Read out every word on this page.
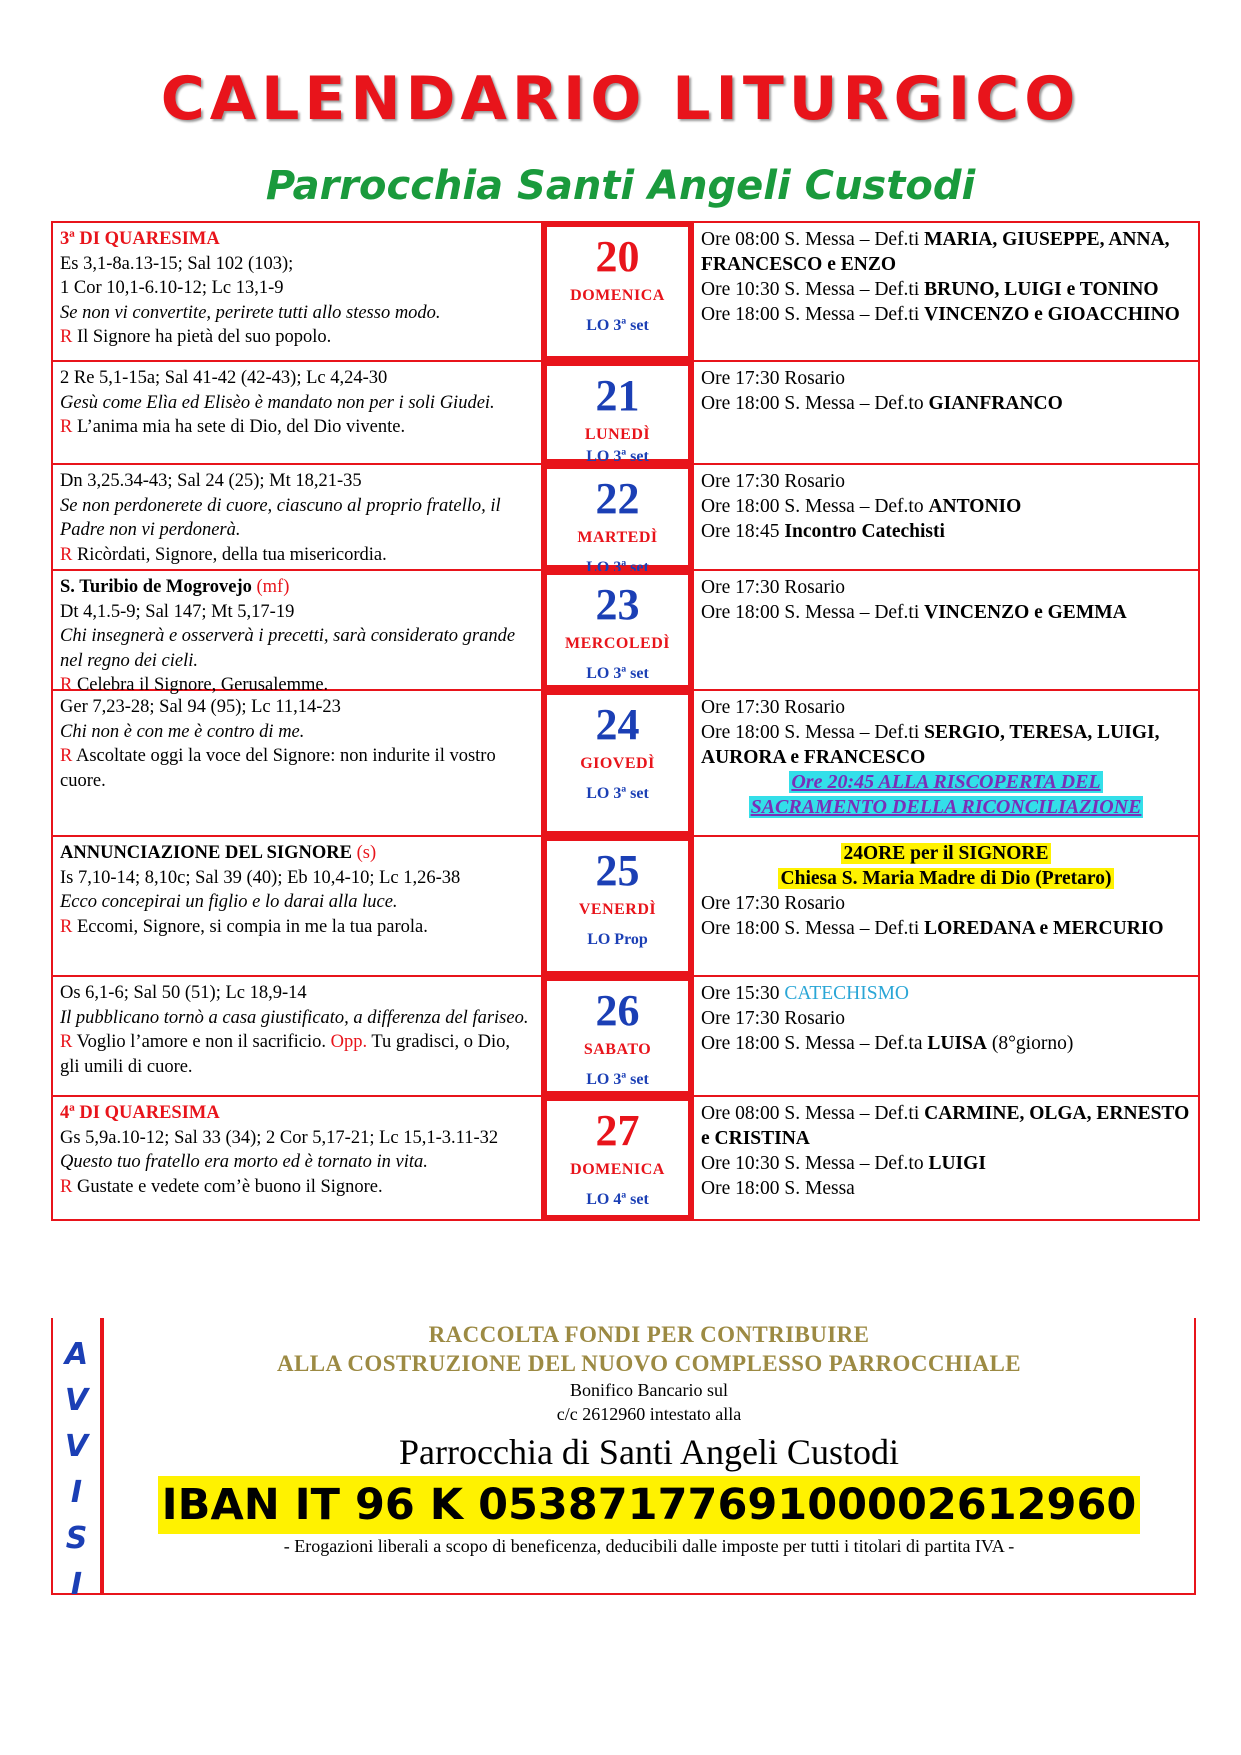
CALENDARIO LITURGICO
Parrocchia Santi Angeli Custodi
3ª DI QUARESIMA
Es 3,1-8a.13-15; Sal 102 (103);
1 Cor 10,1-6.10-12; Lc 13,1-9
Se non vi convertite, perirete tutti allo stesso modo.
R Il Signore ha pietà del suo popolo.
20
DOMENICA
LO 3ª set
Ore 08:00 S. Messa – Def.ti MARIA, GIUSEPPE, ANNA, FRANCESCO e ENZO
Ore 10:30 S. Messa – Def.ti BRUNO, LUIGI e TONINO
Ore 18:00 S. Messa – Def.ti VINCENZO e GIOACCHINO
2 Re 5,1-15a; Sal 41-42 (42-43); Lc 4,24-30
Gesù come Elìa ed Elisèo è mandato non per i soli Giudei.
R L’anima mia ha sete di Dio, del Dio vivente.
21
LUNEDÌ
LO 3ª set
Ore 17:30 Rosario
Ore 18:00 S. Messa – Def.to GIANFRANCO
Dn 3,25.34-43; Sal 24 (25); Mt 18,21-35
Se non perdonerete di cuore, ciascuno al proprio fratello, il Padre non vi perdonerà.
R Ricòrdati, Signore, della tua misericordia.
22
MARTEDÌ
LO 3ª set
Ore 17:30 Rosario
Ore 18:00 S. Messa – Def.to ANTONIO
Ore 18:45 Incontro Catechisti
S. Turibio de Mogrovejo (mf)
Dt 4,1.5-9; Sal 147; Mt 5,17-19
Chi insegnerà e osserverà i precetti, sarà considerato grande nel regno dei cieli.
R Celebra il Signore, Gerusalemme.
23
MERCOLEDÌ
LO 3ª set
Ore 17:30 Rosario
Ore 18:00 S. Messa – Def.ti VINCENZO e GEMMA
Ger 7,23-28; Sal 94 (95); Lc 11,14-23
Chi non è con me è contro di me.
R Ascoltate oggi la voce del Signore: non indurite il vostro cuore.
24
GIOVEDÌ
LO 3ª set
Ore 17:30 Rosario
Ore 18:00 S. Messa – Def.ti SERGIO, TERESA, LUIGI, AURORA e FRANCESCO
Ore 20:45 ALLA RISCOPERTA DEL
SACRAMENTO DELLA RICONCILIAZIONE
ANNUNCIAZIONE DEL SIGNORE (s)
Is 7,10-14; 8,10c; Sal 39 (40); Eb 10,4-10; Lc 1,26-38
Ecco concepirai un figlio e lo darai alla luce.
R Eccomi, Signore, si compia in me la tua parola.
25
VENERDÌ
LO Prop
24ORE per il SIGNORE
Chiesa S. Maria Madre di Dio (Pretaro)
Ore 17:30 Rosario
Ore 18:00 S. Messa – Def.ti LOREDANA e MERCURIO
Os 6,1-6; Sal 50 (51); Lc 18,9-14
Il pubblicano tornò a casa giustificato, a differenza del fariseo.
R Voglio l’amore e non il sacrificio. Opp. Tu gradisci, o Dio, gli umili di cuore.
26
SABATO
LO 3ª set
Ore 15:30 CATECHISMO
Ore 17:30 Rosario
Ore 18:00 S. Messa – Def.ta LUISA (8°giorno)
4ª DI QUARESIMA
Gs 5,9a.10-12; Sal 33 (34); 2 Cor 5,17-21; Lc 15,1-3.11-32
Questo tuo fratello era morto ed è tornato in vita.
R Gustate e vedete com’è buono il Signore.
27
DOMENICA
LO 4ª set
Ore 08:00 S. Messa – Def.ti CARMINE, OLGA, ERNESTO e CRISTINA
Ore 10:30 S. Messa – Def.to LUIGI
Ore 18:00 S. Messa
A
V
V
I
S
I
RACCOLTA FONDI PER CONTRIBUIRE
ALLA COSTRUZIONE DEL NUOVO COMPLESSO PARROCCHIALE
Bonifico Bancario sul
c/c 2612960 intestato alla
Parrocchia di Santi Angeli Custodi
IBAN IT 96 K 0538717769100002612960
- Erogazioni liberali a scopo di beneficenza, deducibili dalle imposte per tutti i titolari di partita IVA -
